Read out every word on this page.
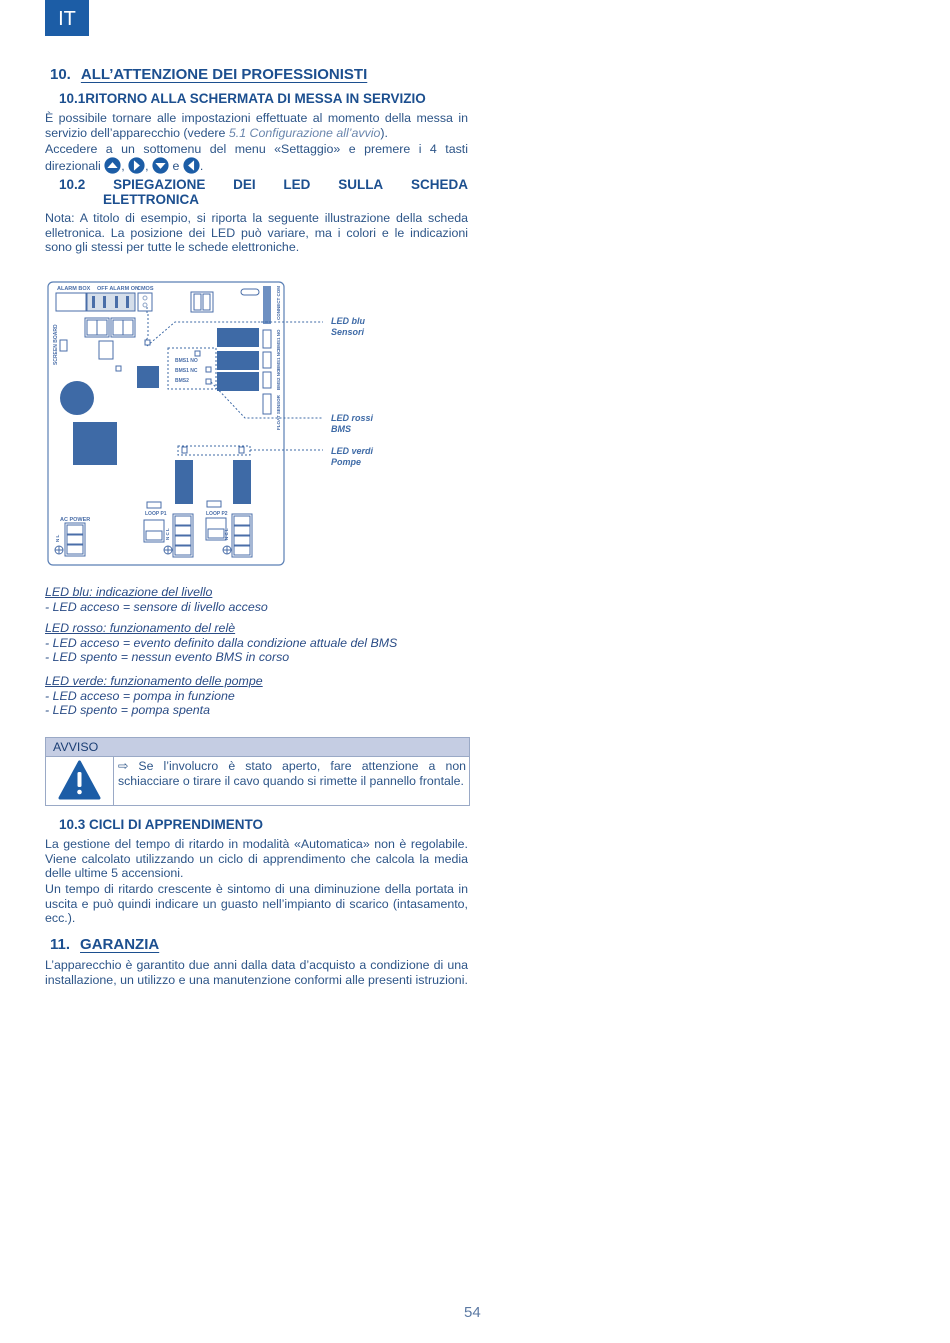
IT
10. ALL’ATTENZIONE DEI PROFESSIONISTI
10.1RITORNO ALLA SCHERMATA DI MESSA IN SERVIZIO
È possibile tornare alle impostazioni effettuate al momento della messa in servizio dell’apparecchio (vedere 5.1 Configurazione all’avvio).
Accedere a un sottomenu del menu «Settaggio» e premere i 4 tasti direzionali , , e .
10.2 SPIEGAZIONE DEI LED SULLA SCHEDA
ELETTRONICA
Nota: A titolo di esempio, si riporta la seguente illustrazione della scheda elletronica. La posizione dei LED può variare, ma i colori e le indicazioni sono gli stessi per tutte le schede elettroniche.
ALARM BOX OFF ALARM ON
CMOS
SCREEN BOARD	BMS1 NO
BMS1 NC
BMS2
CONNECT COM
BMS1 NO
BMS1 NC
BMS2 NO
FLOAT SENSOR
LOOP P1	LOOP P2
AC POWER
N L	N C L	N C L
LED blu
Sensori
LED rossi
BMS
LED verdi
Pompe
LED blu: indicazione del livello
- LED acceso = sensore di livello acceso
LED rosso: funzionamento del relè
- LED acceso = evento definito dalla condizione attuale del BMS
- LED spento = nessun evento BMS in corso
LED verde: funzionamento delle pompe
- LED acceso = pompa in funzione
- LED spento = pompa spenta
AVVISO
⇨ Se l’involucro è stato aperto, fare attenzione a non schiacciare o tirare il cavo quando si rimette il pannello frontale.
10.3 CICLI DI APPRENDIMENTO
La gestione del tempo di ritardo in modalità «Automatica» non è regolabile. Viene calcolato utilizzando un ciclo di apprendimento che calcola la media delle ultime 5 accensioni.
Un tempo di ritardo crescente è sintomo di una diminuzione della portata in uscita e può quindi indicare un guasto nell’impianto di scarico (intasamento, ecc.).
11. GARANZIA
L’apparecchio è garantito due anni dalla data d’acquisto a condizione di una installazione, un utilizzo e una manutenzione conformi alle presenti istruzioni.
54
